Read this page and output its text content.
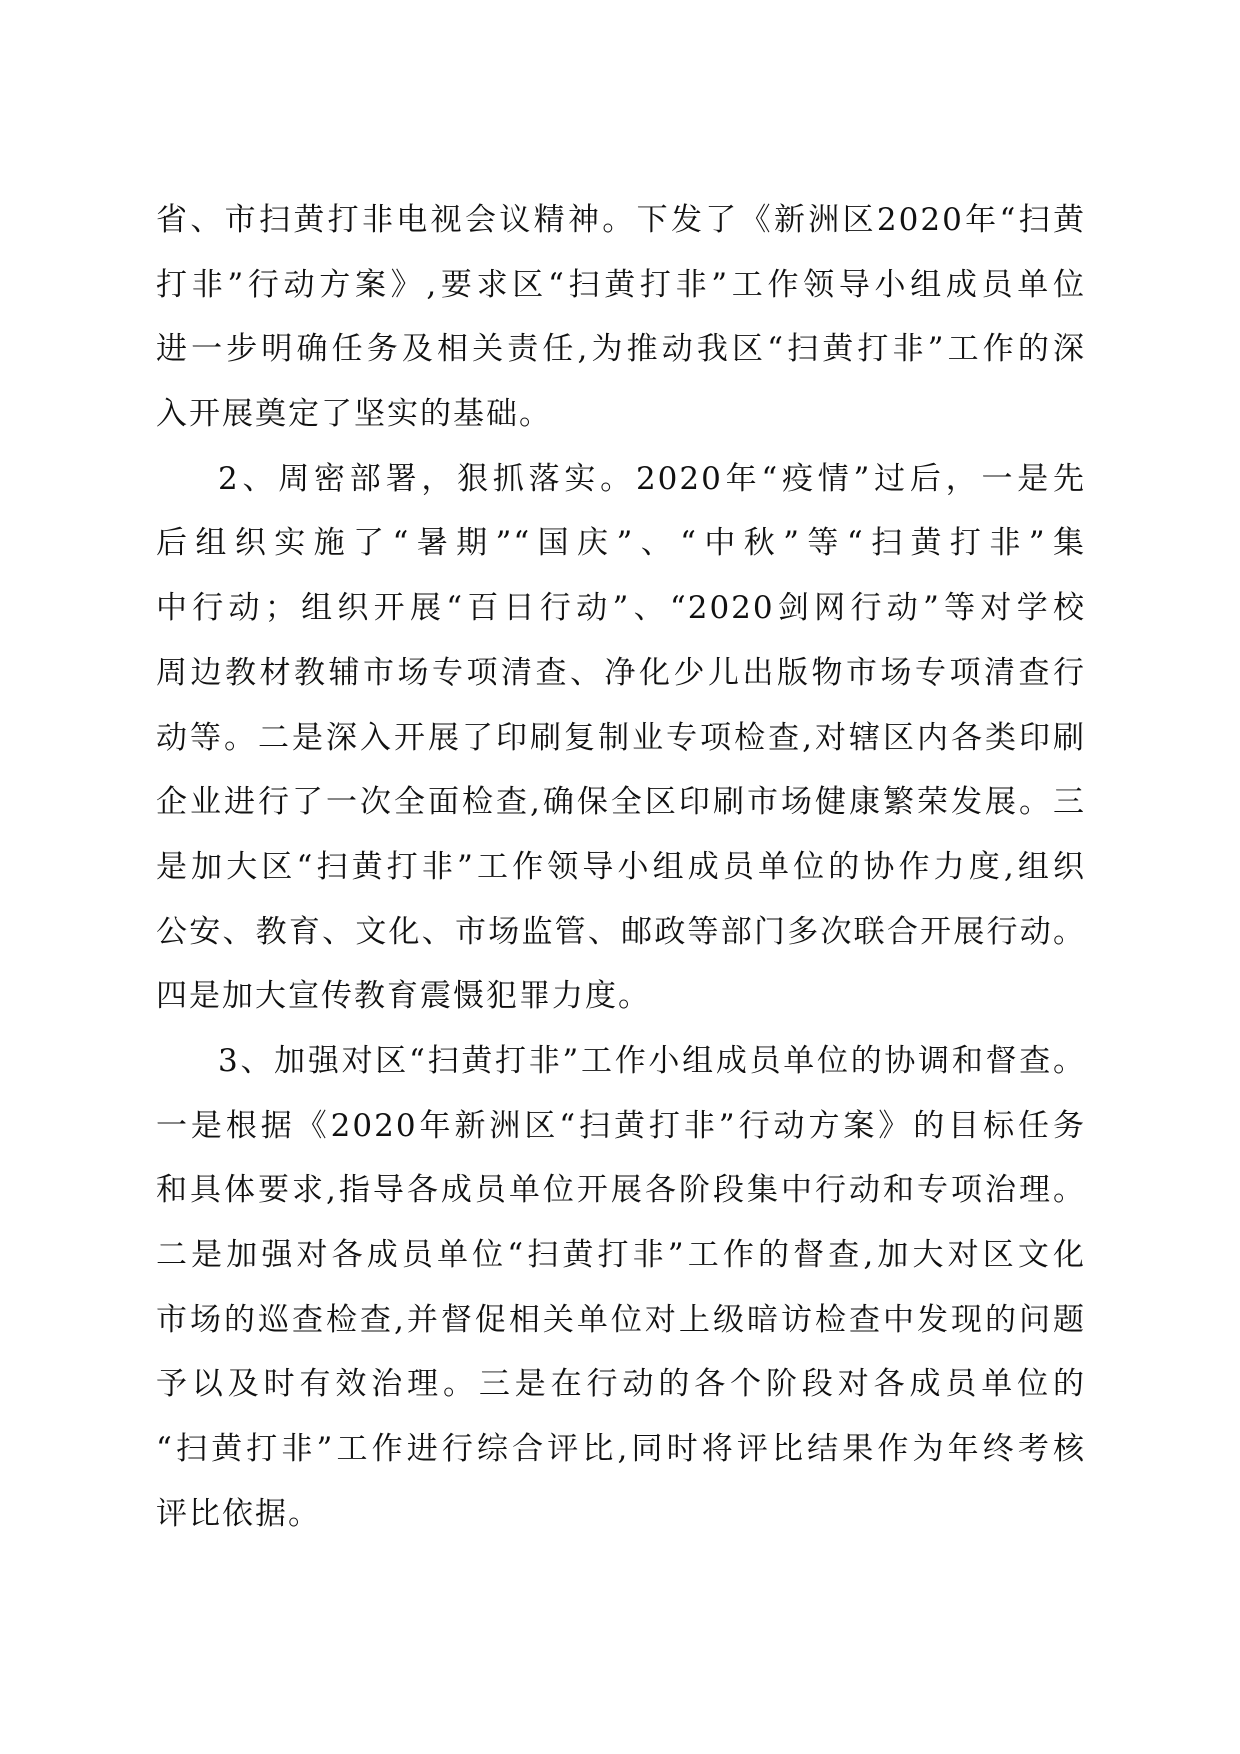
省、市扫黄打非电视会议精神。下发了《新洲区2020年“扫黄
打非”行动方案》,要求区“扫黄打非”工作领导小组成员单位
进一步明确任务及相关责任,为推动我区“扫黄打非”工作的深
入开展奠定了坚实的基础。
2、周密部署，狠抓落实。2020年“疫情”过后，一是先
后组织实施了“暑期”“国庆”、“中秋”等“扫黄打非”集
中行动；组织开展“百日行动”、“2020剑网行动”等对学校
周边教材教辅市场专项清查、净化少儿出版物市场专项清查行
动等。二是深入开展了印刷复制业专项检查,对辖区内各类印刷
企业进行了一次全面检查,确保全区印刷市场健康繁荣发展。三
是加大区“扫黄打非”工作领导小组成员单位的协作力度,组织
公安、教育、文化、市场监管、邮政等部门多次联合开展行动。
四是加大宣传教育震慑犯罪力度。
3、加强对区“扫黄打非”工作小组成员单位的协调和督查。
一是根据《2020年新洲区“扫黄打非”行动方案》的目标任务
和具体要求,指导各成员单位开展各阶段集中行动和专项治理。
二是加强对各成员单位“扫黄打非”工作的督查,加大对区文化
市场的巡查检查,并督促相关单位对上级暗访检查中发现的问题
予以及时有效治理。三是在行动的各个阶段对各成员单位的
“扫黄打非”工作进行综合评比,同时将评比结果作为年终考核
评比依据。
